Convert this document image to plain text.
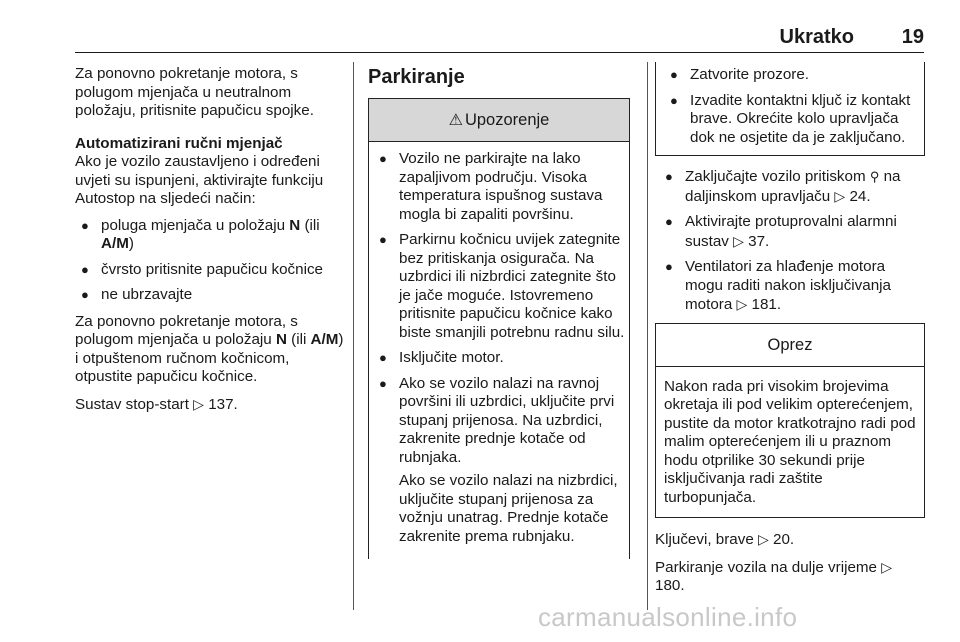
Ukratko 19

Za ponovno pokretanje motora, s polugom mjenjača u neutralnom položaju, pritisnite papučicu spojke.

Automatizirani ručni mjenjač

Ako je vozilo zaustavljeno i određeni uvjeti su ispunjeni, aktivirajte funkciju Autostop na sljedeći način:

● poluga mjenjača u položaju N (ili A/M)
● čvrsto pritisnite papučicu kočnice
● ne ubrzavajte

Za ponovno pokretanje motora, s polugom mjenjača u položaju N (ili A/M) i otpuštenom ručnom kočnicom, otpustite papučicu kočnice.

Sustav stop-start ▷ 137.

Parkiranje
⚠ Upozorenje
● Vozilo ne parkirajte na lako zapaljivom području. Visoka temperatura ispušnog sustava mogla bi zapaliti površinu.
● Parkirnu kočnicu uvijek zategnite bez pritiskanja osigurača. Na uzbrdici ili nizbrdici zategnite što je jače moguće. Istovremeno pritisnite papučicu kočnice kako biste smanjili potrebnu radnu silu.
● Isključite motor.
● Ako se vozilo nalazi na ravnoj površini ili uzbrdici, uključite prvi stupanj prijenosa. Na uzbrdici, zakrenite prednje kotače od rubnjaka.
Ako se vozilo nalazi na nizbrdici, uključite stupanj prijenosa za vožnju unatrag. Prednje kotače zakrenite prema rubnjaku.
● Zatvorite prozore.
● Izvadite kontaktni ključ iz kontakt brave. Okrećite kolo upravljača dok ne osjetite da je zaključano.
● Zaključajte vozilo pritiskom ⚲ na daljinskom upravljaču ▷ 24.
● Aktivirajte protuprovalni alarmni sustav ▷ 37.
● Ventilatori za hlađenje motora mogu raditi nakon isključivanja motora ▷ 181.
Oprez
Nakon rada pri visokim brojevima okretaja ili pod velikim opterećenjem, pustite da motor kratkotrajno radi pod malim opterećenjem ili u praznom hodu otprilike 30 sekundi prije isključivanja radi zaštite turbopunjača.

Ključevi, brave ▷ 20.

Parkiranje vozila na dulje vrijeme ▷ 180.

carmanualsonline.info
